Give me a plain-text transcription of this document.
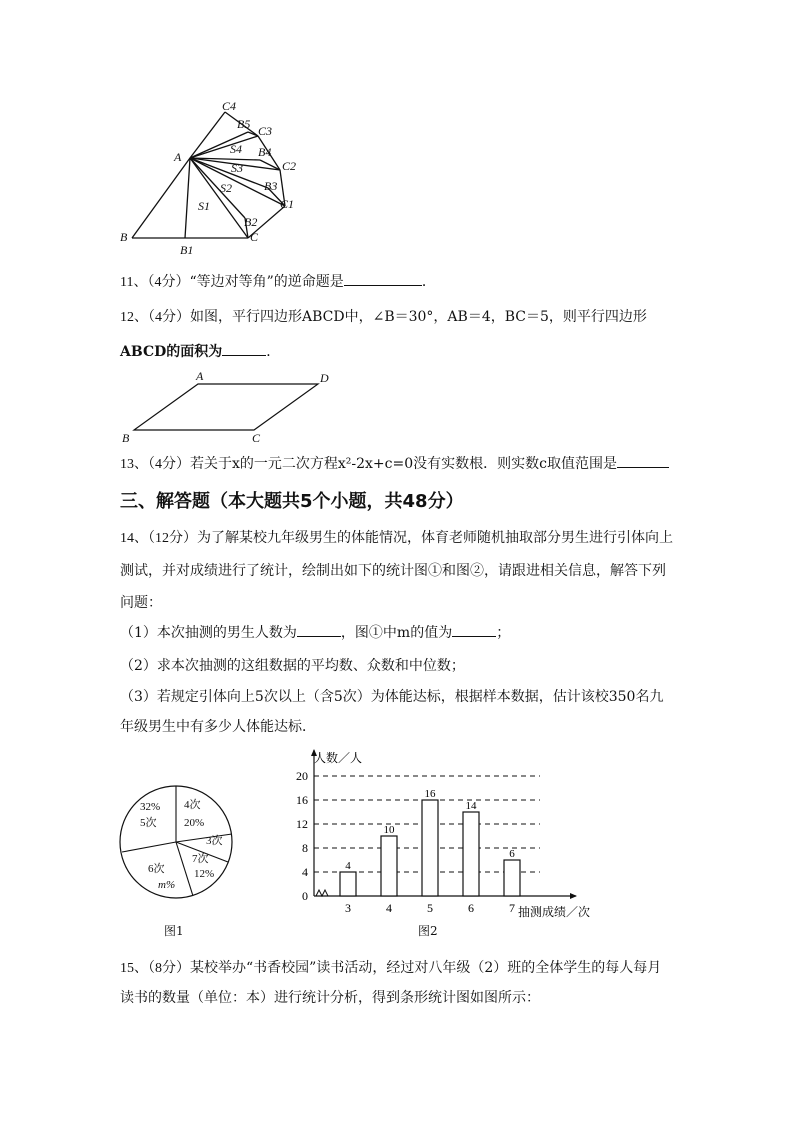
C4
B5 C3
S4 B4
C2
S3
A
S2	B3
C1
S1
B2
C
B
B1
11、（4分）“等边对等角”的逆命题是	．
12、（4分）如图，平行四边形ABCD中，∠B＝30°，AB＝4，BC＝5，则平行四边形
ABCD的面积为	．
A	D
B	C
13、（4分）若关于x的一元二次方程x²-2x+c=0没有实数根．则实数c取值范围是
三、解答题（本大题共5个小题，共48分）
14、（12分）为了解某校九年级男生的体能情况，体育老师随机抽取部分男生进行引体向上
测试，并对成绩进行了统计，绘制出如下的统计图①和图②，请跟进相关信息，解答下列
问题：
（1）本次抽测的男生人数为	，图①中m的值为	；
（2）求本次抽测的这组数据的平均数、众数和中位数；
（3）若规定引体向上5次以上（含5次）为体能达标，根据样本数据，估计该校350名九
年级男生中有多少人体能达标．
32%
5次
4次
20%
3次
7次
12%
6次
m%
图1
0
4
8
12
16
20
4
3
10
4
16
5
14
6
6
7
人数／人
抽测成绩／次
图2
15、（8分）某校举办“书香校园”读书活动，经过对八年级（2）班的全体学生的每人每月
读书的数量（单位：本）进行统计分析，得到条形统计图如图所示：
